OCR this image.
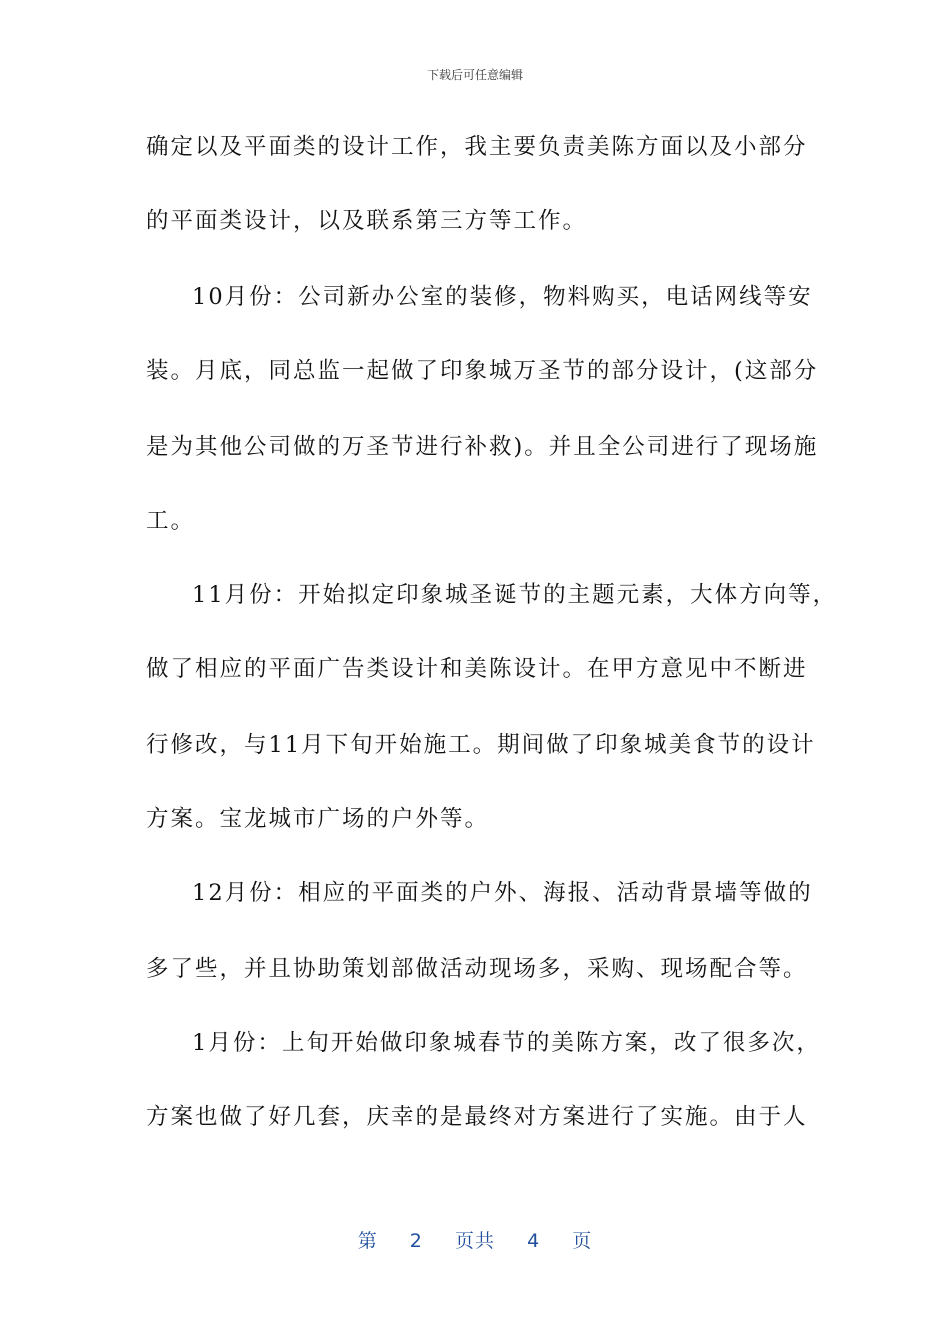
下载后可任意编辑
确定以及平面类的设计工作，我主要负责美陈方面以及小部分
的平面类设计，以及联系第三方等工作。
10月份：公司新办公室的装修，物料购买，电话网线等安
装。月底，同总监一起做了印象城万圣节的部分设计，(这部分
是为其他公司做的万圣节进行补救)。并且全公司进行了现场施
工。
11月份：开始拟定印象城圣诞节的主题元素，大体方向等，
做了相应的平面广告类设计和美陈设计。在甲方意见中不断进
行修改，与11月下旬开始施工。期间做了印象城美食节的设计
方案。宝龙城市广场的户外等。
12月份：相应的平面类的户外、海报、活动背景墙等做的
多了些，并且协助策划部做活动现场多，采购、现场配合等。
1月份：上旬开始做印象城春节的美陈方案，改了很多次，
方案也做了好几套，庆幸的是最终对方案进行了实施。由于人
第 2 页共 4 页
